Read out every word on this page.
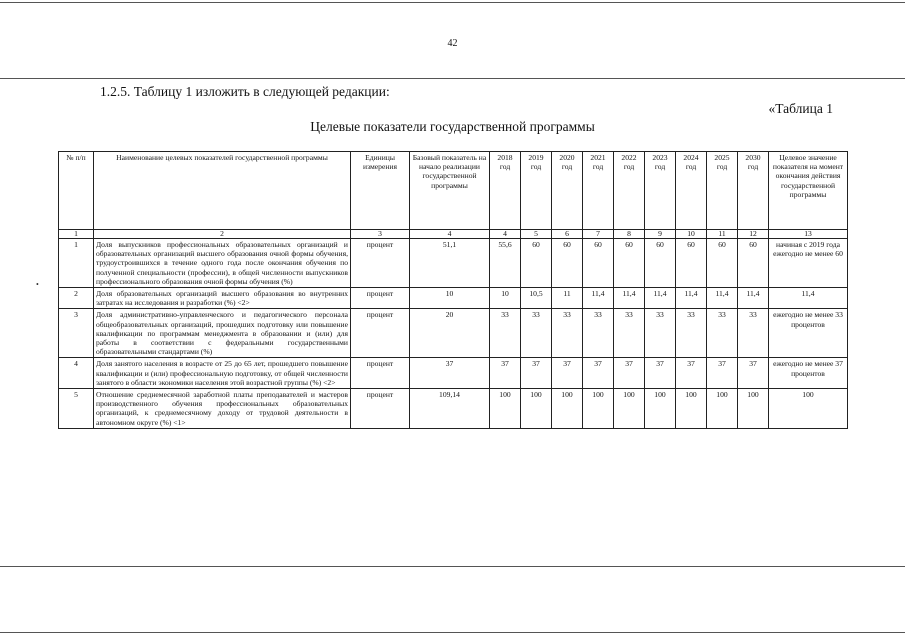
•
42
1.2.5. Таблицу 1 изложить в следующей редакции:
«Таблица 1
Целевые показатели государственной программы
№ п/п	Наименование целевых показателей государственной программы	Единицы измерения	Базовый показатель на начало реализации государственной программы	2018 год	2019 год	2020 год	2021 год	2022 год	2023 год	2024 год	2025 год	2030 год	Целевое значение показателя на момент окончания действия государственной программы
1	2	3	4	4	5	6	7	8	9	10	11	12	13
1	Доля выпускников профессиональных образовательных организаций и образовательных организаций высшего образования очной формы обучения, трудоустроившихся в течение одного года после окончания обучения по полученной специальности (профессии), в общей численности выпускников профессионального образования очной формы обучения (%)	процент	51,1	55,6	60	60	60	60	60	60	60	60	начиная с 2019 года ежегодно не менее 60
2	Доля образовательных организаций высшего образования во внутренних затратах на исследования и разработки (%) <2>	процент	10	10	10,5	11	11,4	11,4	11,4	11,4	11,4	11,4	11,4
3	Доля административно-управленческого и педагогического персонала общеобразовательных организаций, прошедших подготовку или повышение квалификации по программам менеджмента в образовании и (или) для работы в соответствии с федеральными государственными образовательными стандартами (%)	процент	20	33	33	33	33	33	33	33	33	33	ежегодно не менее 33 процентов
4	Доля занятого населения в возрасте от 25 до 65 лет, прошедшего повышение квалификации и (или) профессиональную подготовку, от общей численности занятого в области экономики населения этой возрастной группы (%) <2>	процент	37	37	37	37	37	37	37	37	37	37	ежегодно не менее 37 процентов
5	Отношение среднемесячной заработной платы преподавателей и мастеров производственного обучения профессиональных образовательных организаций, к среднемесячному доходу от трудовой деятельности в автономном округе (%) <1>	процент	109,14	100	100	100	100	100	100	100	100	100	100
